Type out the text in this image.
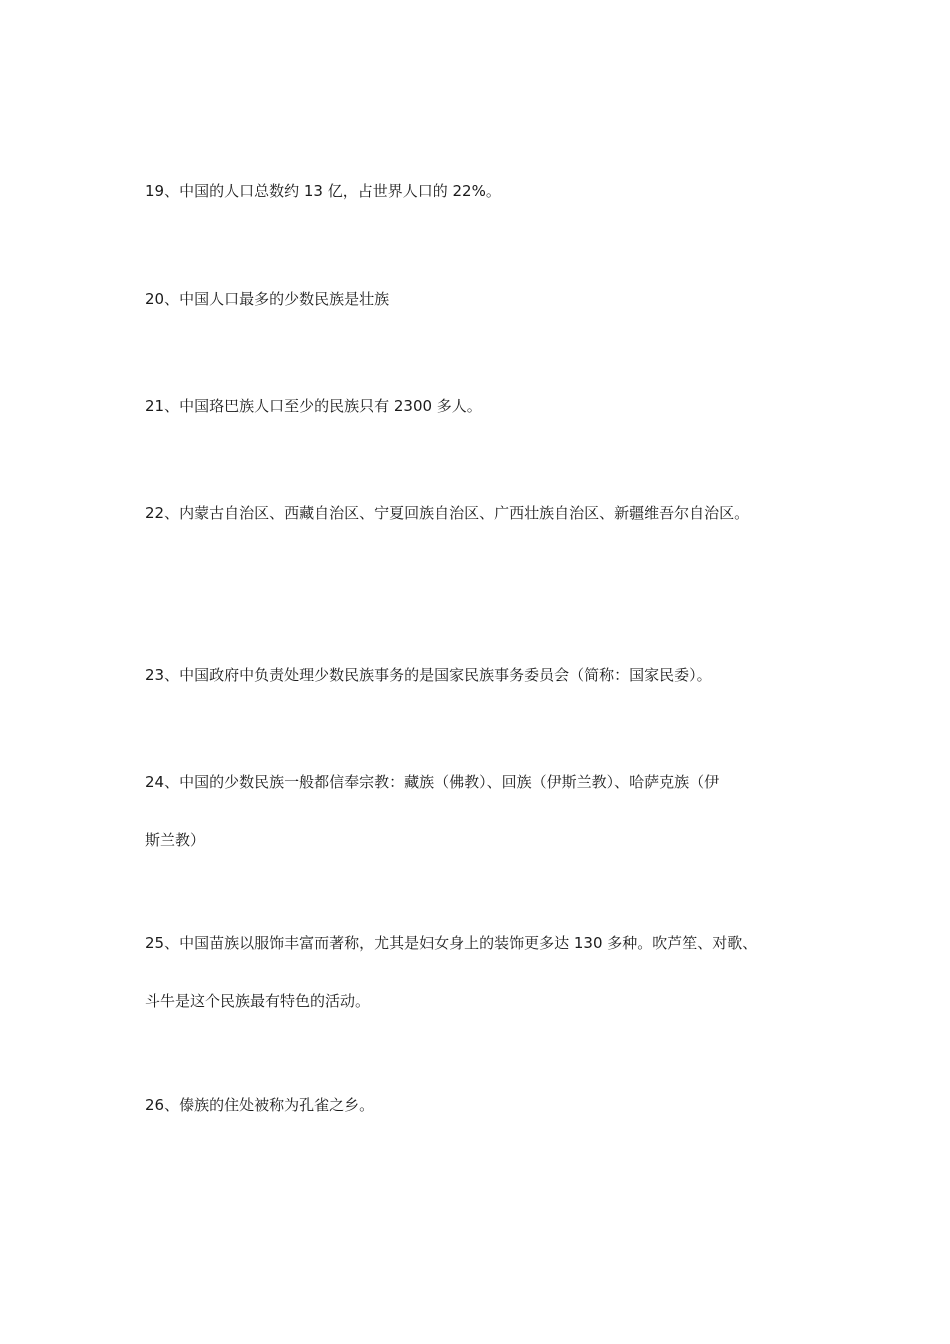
19、中国的人口总数约 13 亿，占世界人口的 22%。

20、中国人口最多的少数民族是壮族

21、中国珞巴族人口至少的民族只有 2300 多人。

22、内蒙古自治区、西藏自治区、宁夏回族自治区、广西壮族自治区、新疆维吾尔自治区。

23、中国政府中负责处理少数民族事务的是国家民族事务委员会（简称：国家民委）。

24、中国的少数民族一般都信奉宗教：藏族（佛教）、回族（伊斯兰教）、哈萨克族（伊
斯兰教）

25、中国苗族以服饰丰富而著称，尤其是妇女身上的装饰更多达 130 多种。吹芦笙、对歌、
斗牛是这个民族最有特色的活动。

26、傣族的住处被称为孔雀之乡。
